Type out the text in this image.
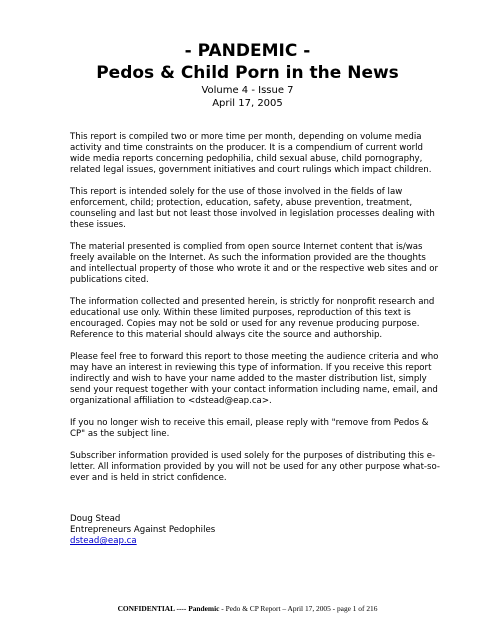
- PANDEMIC -

Pedos & Child Porn in the News

Volume 4 - Issue 7

April 17, 2005

This report is compiled two or more time per month, depending on volume media activity and time constraints on the producer. It is a compendium of current world wide media reports concerning pedophilia, child sexual abuse, child pornography, related legal issues, government initiatives and court rulings which impact children.

This report is intended solely for the use of those involved in the fields of law enforcement, child; protection, education, safety, abuse prevention, treatment, counseling and last but not least those involved in legislation processes dealing with these issues.

The material presented is complied from open source Internet content that is/was freely available on the Internet. As such the information provided are the thoughts and intellectual property of those who wrote it and or the respective web sites and or publications cited.

The information collected and presented herein, is strictly for nonprofit research and educational use only. Within these limited purposes, reproduction of this text is encouraged. Copies may not be sold or used for any revenue producing purpose. Reference to this material should always cite the source and authorship.

Please feel free to forward this report to those meeting the audience criteria and who may have an interest in reviewing this type of information. If you receive this report indirectly and wish to have your name added to the master distribution list, simply send your request together with your contact information including name, email, and organizational affiliation to <dstead@eap.ca>.

If you no longer wish to receive this email, please reply with "remove from Pedos & CP" as the subject line.

Subscriber information provided is used solely for the purposes of distributing this e-letter. All information provided by you will not be used for any other purpose what-so-ever and is held in strict confidence.

Doug Stead
Entrepreneurs Against Pedophiles
dstead@eap.ca
CONFIDENTIAL ---- Pandemic - Pedo & CP Report – April 17, 2005 - page 1 of 216
